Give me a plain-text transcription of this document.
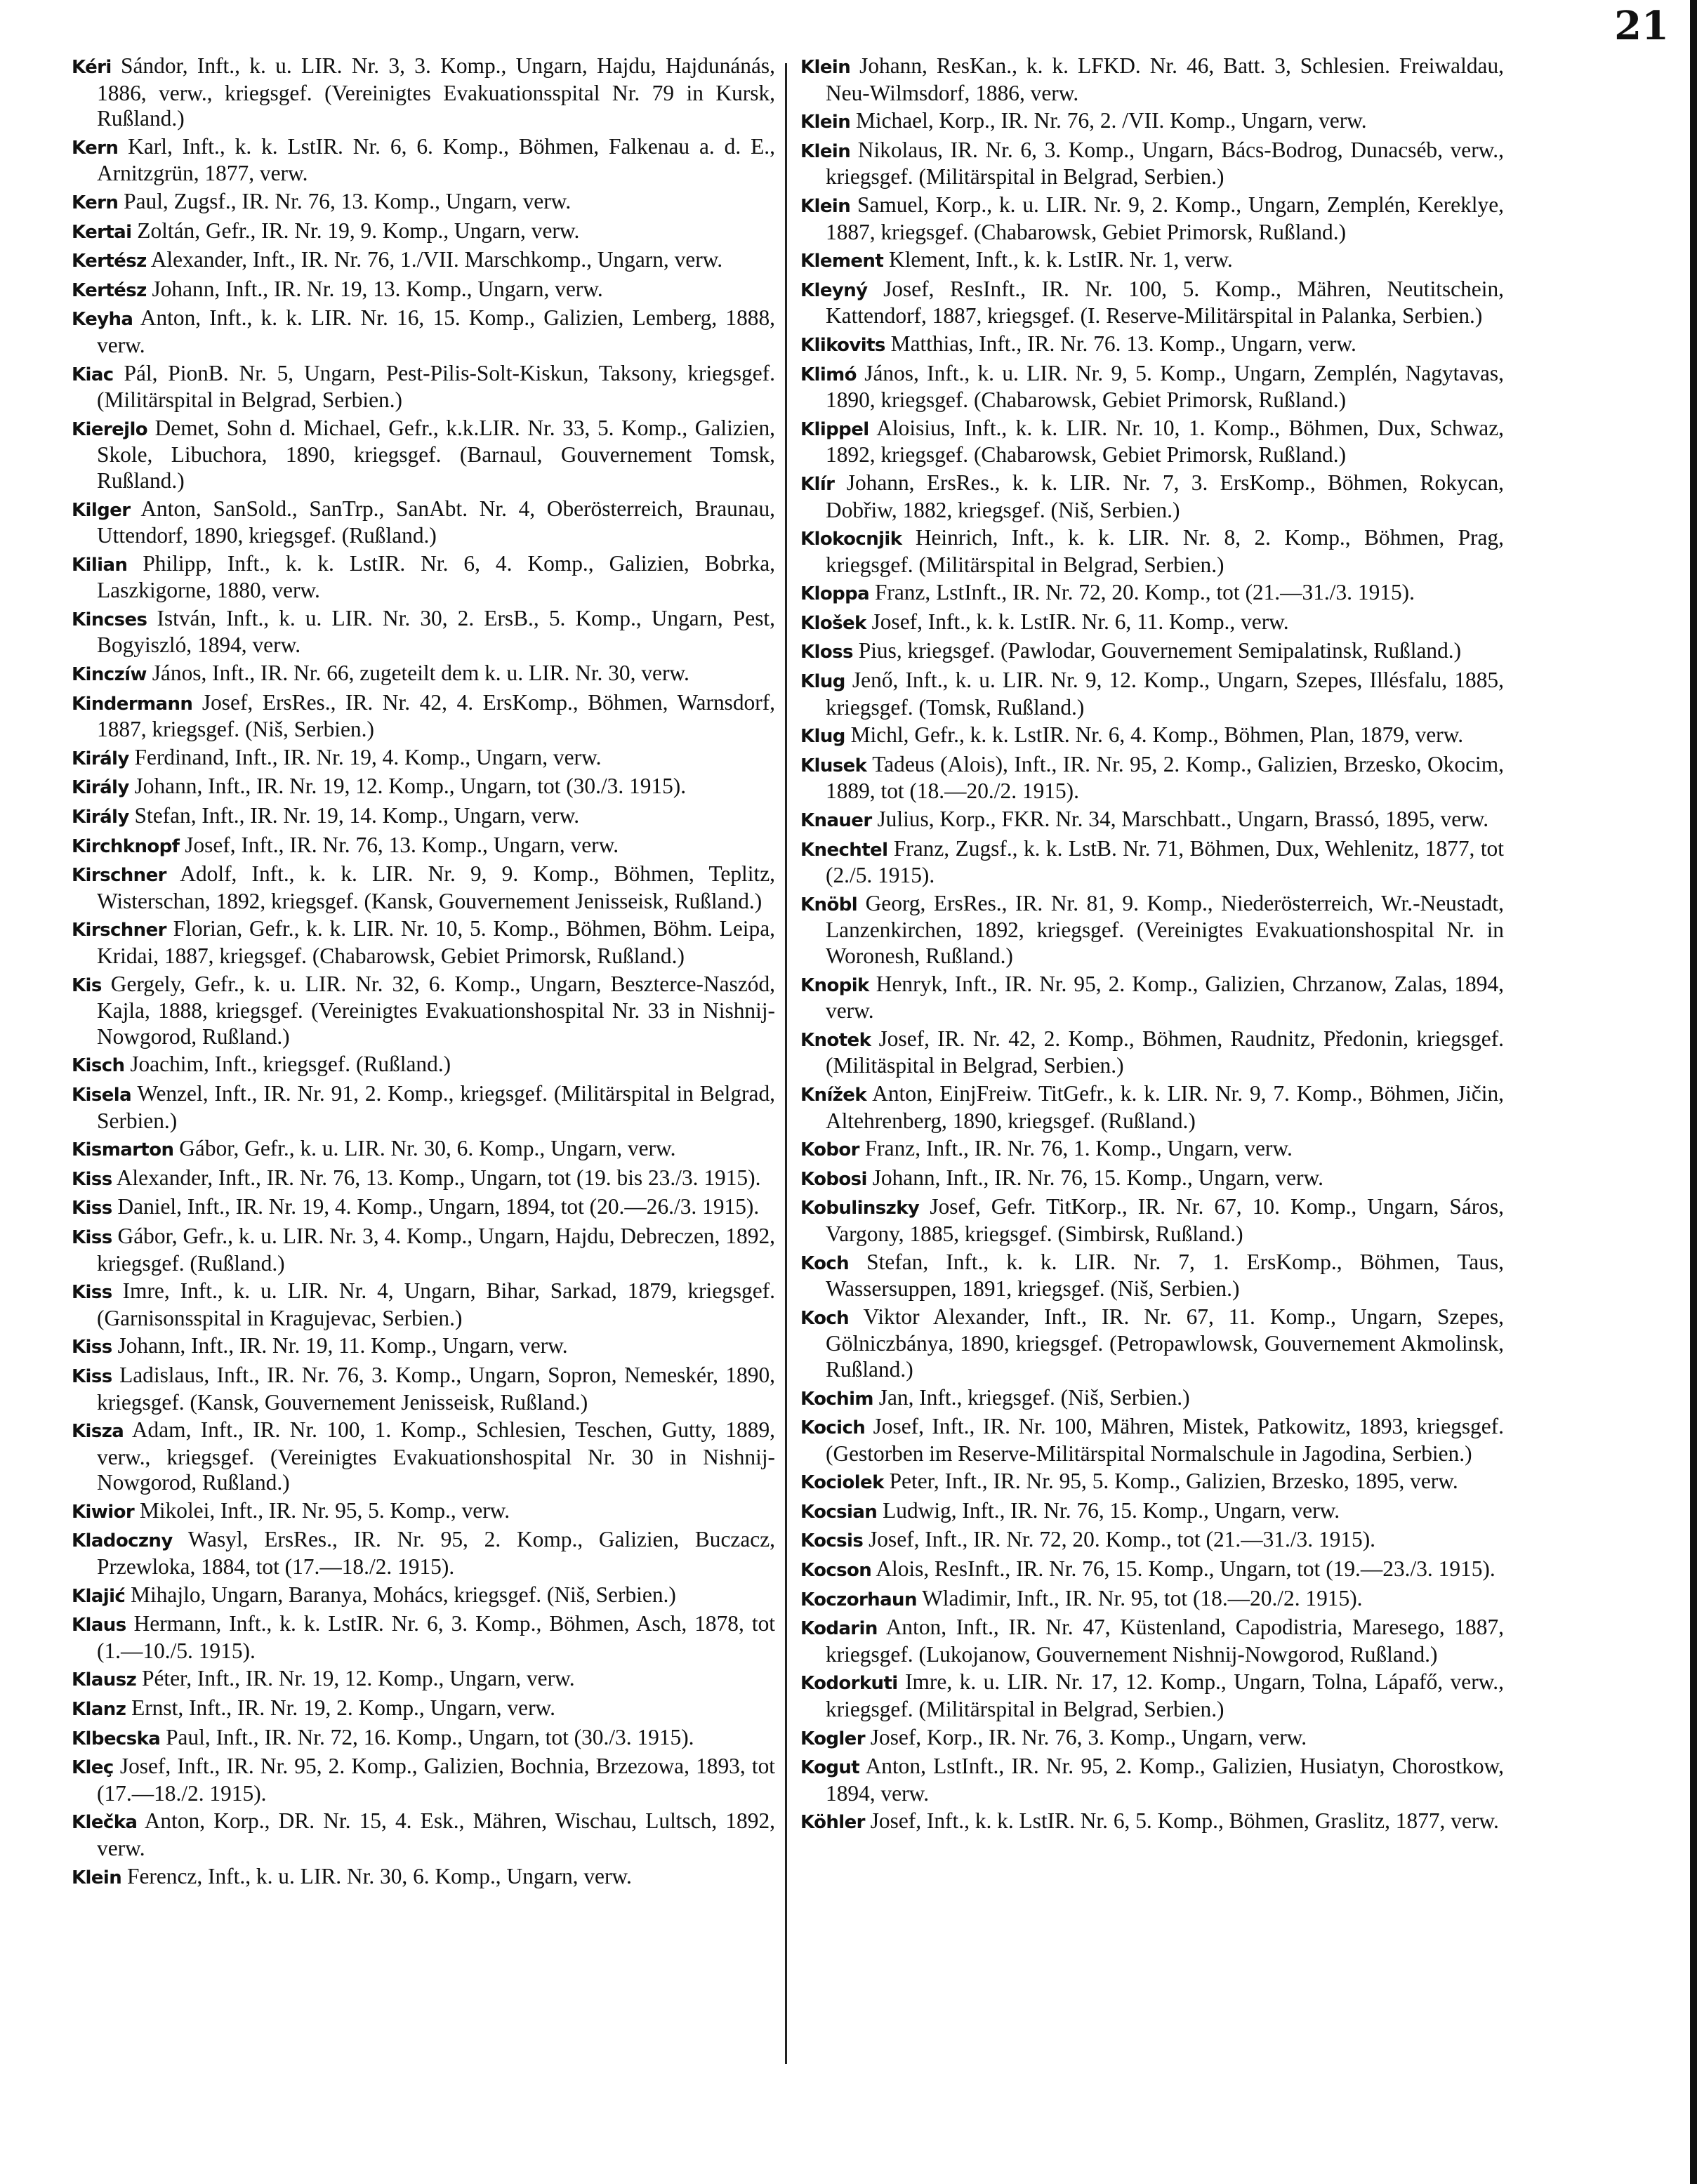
21

Kéri Sándor, Inft., k. u. LIR. Nr. 3, 3. Komp., Ungarn, Hajdu, Hajdunánás, 1886, verw., kriegsgef. (Vereinigtes Evakuationsspital Nr. 79 in Kursk, Rußland.)

Kern Karl, Inft., k. k. LstIR. Nr. 6, 6. Komp., Böhmen, Falkenau a. d. E., Arnitzgrün, 1877, verw.

Kern Paul, Zugsf., IR. Nr. 76, 13. Komp., Ungarn, verw.

Kertai Zoltán, Gefr., IR. Nr. 19, 9. Komp., Ungarn, verw.

Kertész Alexander, Inft., IR. Nr. 76, 1./VII. Marschkomp., Ungarn, verw.

Kertész Johann, Inft., IR. Nr. 19, 13. Komp., Ungarn, verw.

Keyha Anton, Inft., k. k. LIR. Nr. 16, 15. Komp., Galizien, Lemberg, 1888, verw.

Kiac Pál, PionB. Nr. 5, Ungarn, Pest-Pilis-Solt-Kiskun, Taksony, kriegsgef. (Militärspital in Belgrad, Serbien.)

Kierejlo Demet, Sohn d. Michael, Gefr., k.k.LIR. Nr. 33, 5. Komp., Galizien, Skole, Libuchora, 1890, kriegsgef. (Barnaul, Gouvernement Tomsk, Rußland.)

Kilger Anton, SanSold., SanTrp., SanAbt. Nr. 4, Oberösterreich, Braunau, Uttendorf, 1890, kriegsgef. (Rußland.)

Kilian Philipp, Inft., k. k. LstIR. Nr. 6, 4. Komp., Galizien, Bobrka, Laszkigorne, 1880, verw.

Kincses István, Inft., k. u. LIR. Nr. 30, 2. ErsB., 5. Komp., Ungarn, Pest, Bogyiszló, 1894, verw.

Kinczíw János, Inft., IR. Nr. 66, zugeteilt dem k. u. LIR. Nr. 30, verw.

Kindermann Josef, ErsRes., IR. Nr. 42, 4. ErsKomp., Böhmen, Warnsdorf, 1887, kriegsgef. (Niš, Serbien.)

Király Ferdinand, Inft., IR. Nr. 19, 4. Komp., Ungarn, verw.

Király Johann, Inft., IR. Nr. 19, 12. Komp., Ungarn, tot (30./3. 1915).

Király Stefan, Inft., IR. Nr. 19, 14. Komp., Ungarn, verw.

Kirchknopf Josef, Inft., IR. Nr. 76, 13. Komp., Ungarn, verw.

Kirschner Adolf, Inft., k. k. LIR. Nr. 9, 9. Komp., Böhmen, Teplitz, Wisterschan, 1892, kriegsgef. (Kansk, Gouvernement Jenisseisk, Rußland.)

Kirschner Florian, Gefr., k. k. LIR. Nr. 10, 5. Komp., Böhmen, Böhm. Leipa, Kridai, 1887, kriegsgef. (Chabarowsk, Gebiet Primorsk, Rußland.)

Kis Gergely, Gefr., k. u. LIR. Nr. 32, 6. Komp., Ungarn, Beszterce-Naszód, Kajla, 1888, kriegsgef. (Vereinigtes Evakuationshospital Nr. 33 in Nishnij-Nowgorod, Rußland.)

Kisch Joachim, Inft., kriegsgef. (Rußland.)

Kisela Wenzel, Inft., IR. Nr. 91, 2. Komp., kriegsgef. (Militärspital in Belgrad, Serbien.)

Kismarton Gábor, Gefr., k. u. LIR. Nr. 30, 6. Komp., Ungarn, verw.

Kiss Alexander, Inft., IR. Nr. 76, 13. Komp., Ungarn, tot (19. bis 23./3. 1915).

Kiss Daniel, Inft., IR. Nr. 19, 4. Komp., Ungarn, 1894, tot (20.—26./3. 1915).

Kiss Gábor, Gefr., k. u. LIR. Nr. 3, 4. Komp., Ungarn, Hajdu, Debreczen, 1892, kriegsgef. (Rußland.)

Kiss Imre, Inft., k. u. LIR. Nr. 4, Ungarn, Bihar, Sarkad, 1879, kriegsgef. (Garnisonsspital in Kragujevac, Serbien.)

Kiss Johann, Inft., IR. Nr. 19, 11. Komp., Ungarn, verw.

Kiss Ladislaus, Inft., IR. Nr. 76, 3. Komp., Ungarn, Sopron, Nemeskér, 1890, kriegsgef. (Kansk, Gouvernement Jenisseisk, Rußland.)

Kisza Adam, Inft., IR. Nr. 100, 1. Komp., Schlesien, Teschen, Gutty, 1889, verw., kriegsgef. (Vereinigtes Evakuationshospital Nr. 30 in Nishnij-Nowgorod, Rußland.)

Kiwior Mikolei, Inft., IR. Nr. 95, 5. Komp., verw.

Kladoczny Wasyl, ErsRes., IR. Nr. 95, 2. Komp., Galizien, Buczacz, Przewloka, 1884, tot (17.—18./2. 1915).

Klajić Mihajlo, Ungarn, Baranya, Mohács, kriegsgef. (Niš, Serbien.)

Klaus Hermann, Inft., k. k. LstIR. Nr. 6, 3. Komp., Böhmen, Asch, 1878, tot (1.—10./5. 1915).

Klausz Péter, Inft., IR. Nr. 19, 12. Komp., Ungarn, verw.

Klanz Ernst, Inft., IR. Nr. 19, 2. Komp., Ungarn, verw.

Klbecska Paul, Inft., IR. Nr. 72, 16. Komp., Ungarn, tot (30./3. 1915).

Kleç Josef, Inft., IR. Nr. 95, 2. Komp., Galizien, Bochnia, Brzezowa, 1893, tot (17.—18./2. 1915).

Klečka Anton, Korp., DR. Nr. 15, 4. Esk., Mähren, Wischau, Lultsch, 1892, verw.

Klein Ferencz, Inft., k. u. LIR. Nr. 30, 6. Komp., Ungarn, verw.

Klein Johann, ResKan., k. k. LFKD. Nr. 46, Batt. 3, Schlesien. Freiwaldau, Neu-Wilmsdorf, 1886, verw.

Klein Michael, Korp., IR. Nr. 76, 2. /VII. Komp., Ungarn, verw.

Klein Nikolaus, IR. Nr. 6, 3. Komp., Ungarn, Bács-Bodrog, Dunacséb, verw., kriegsgef. (Militärspital in Belgrad, Serbien.)

Klein Samuel, Korp., k. u. LIR. Nr. 9, 2. Komp., Ungarn, Zemplén, Kereklye, 1887, kriegsgef. (Chabarowsk, Gebiet Primorsk, Rußland.)

Klement Klement, Inft., k. k. LstIR. Nr. 1, verw.

Kleyný Josef, ResInft., IR. Nr. 100, 5. Komp., Mähren, Neutitschein, Kattendorf, 1887, kriegsgef. (I. Reserve-Militärspital in Palanka, Serbien.)

Klikovits Matthias, Inft., IR. Nr. 76. 13. Komp., Ungarn, verw.

Klimó János, Inft., k. u. LIR. Nr. 9, 5. Komp., Ungarn, Zemplén, Nagytavas, 1890, kriegsgef. (Chabarowsk, Gebiet Primorsk, Rußland.)

Klippel Aloisius, Inft., k. k. LIR. Nr. 10, 1. Komp., Böhmen, Dux, Schwaz, 1892, kriegsgef. (Chabarowsk, Gebiet Primorsk, Rußland.)

Klír Johann, ErsRes., k. k. LIR. Nr. 7, 3. ErsKomp., Böhmen, Rokycan, Dobřiw, 1882, kriegsgef. (Niš, Serbien.)

Klokocnjik Heinrich, Inft., k. k. LIR. Nr. 8, 2. Komp., Böhmen, Prag, kriegsgef. (Militärspital in Belgrad, Serbien.)

Kloppa Franz, LstInft., IR. Nr. 72, 20. Komp., tot (21.—31./3. 1915).

Klošek Josef, Inft., k. k. LstIR. Nr. 6, 11. Komp., verw.

Kloss Pius, kriegsgef. (Pawlodar, Gouvernement Semipalatinsk, Rußland.)

Klug Jenő, Inft., k. u. LIR. Nr. 9, 12. Komp., Ungarn, Szepes, Illésfalu, 1885, kriegsgef. (Tomsk, Rußland.)

Klug Michl, Gefr., k. k. LstIR. Nr. 6, 4. Komp., Böhmen, Plan, 1879, verw.

Klusek Tadeus (Alois), Inft., IR. Nr. 95, 2. Komp., Galizien, Brzesko, Okocim, 1889, tot (18.—20./2. 1915).

Knauer Julius, Korp., FKR. Nr. 34, Marschbatt., Ungarn, Brassó, 1895, verw.

Knechtel Franz, Zugsf., k. k. LstB. Nr. 71, Böhmen, Dux, Wehlenitz, 1877, tot (2./5. 1915).

Knöbl Georg, ErsRes., IR. Nr. 81, 9. Komp., Niederösterreich, Wr.-Neustadt, Lanzenkirchen, 1892, kriegsgef. (Vereinigtes Evakuationshospital Nr. in Woronesh, Rußland.)

Knopik Henryk, Inft., IR. Nr. 95, 2. Komp., Galizien, Chrzanow, Zalas, 1894, verw.

Knotek Josef, IR. Nr. 42, 2. Komp., Böhmen, Raudnitz, Předonin, kriegsgef. (Militäspital in Belgrad, Serbien.)

Knížek Anton, EinjFreiw. TitGefr., k. k. LIR. Nr. 9, 7. Komp., Böhmen, Jičin, Altehrenberg, 1890, kriegsgef. (Rußland.)

Kobor Franz, Inft., IR. Nr. 76, 1. Komp., Ungarn, verw.

Kobosi Johann, Inft., IR. Nr. 76, 15. Komp., Ungarn, verw.

Kobulinszky Josef, Gefr. TitKorp., IR. Nr. 67, 10. Komp., Ungarn, Sáros, Vargony, 1885, kriegsgef. (Simbirsk, Rußland.)

Koch Stefan, Inft., k. k. LIR. Nr. 7, 1. ErsKomp., Böhmen, Taus, Wassersuppen, 1891, kriegsgef. (Niš, Serbien.)

Koch Viktor Alexander, Inft., IR. Nr. 67, 11. Komp., Ungarn, Szepes, Gölniczbánya, 1890, kriegsgef. (Petropawlowsk, Gouvernement Akmolinsk, Rußland.)

Kochim Jan, Inft., kriegsgef. (Niš, Serbien.)

Kocich Josef, Inft., IR. Nr. 100, Mähren, Mistek, Patkowitz, 1893, kriegsgef. (Gestorben im Reserve-Militärspital Normalschule in Jagodina, Serbien.)

Kociolek Peter, Inft., IR. Nr. 95, 5. Komp., Galizien, Brzesko, 1895, verw.

Kocsian Ludwig, Inft., IR. Nr. 76, 15. Komp., Ungarn, verw.

Kocsis Josef, Inft., IR. Nr. 72, 20. Komp., tot (21.—31./3. 1915).

Kocson Alois, ResInft., IR. Nr. 76, 15. Komp., Ungarn, tot (19.—23./3. 1915).

Koczorhaun Wladimir, Inft., IR. Nr. 95, tot (18.—20./2. 1915).

Kodarin Anton, Inft., IR. Nr. 47, Küstenland, Capodistria, Maresego, 1887, kriegsgef. (Lukojanow, Gouvernement Nishnij-Nowgorod, Rußland.)

Kodorkuti Imre, k. u. LIR. Nr. 17, 12. Komp., Ungarn, Tolna, Lápafő, verw., kriegsgef. (Militärspital in Belgrad, Serbien.)

Kogler Josef, Korp., IR. Nr. 76, 3. Komp., Ungarn, verw.

Kogut Anton, LstInft., IR. Nr. 95, 2. Komp., Galizien, Husiatyn, Chorostkow, 1894, verw.

Köhler Josef, Inft., k. k. LstIR. Nr. 6, 5. Komp., Böhmen, Graslitz, 1877, verw.
